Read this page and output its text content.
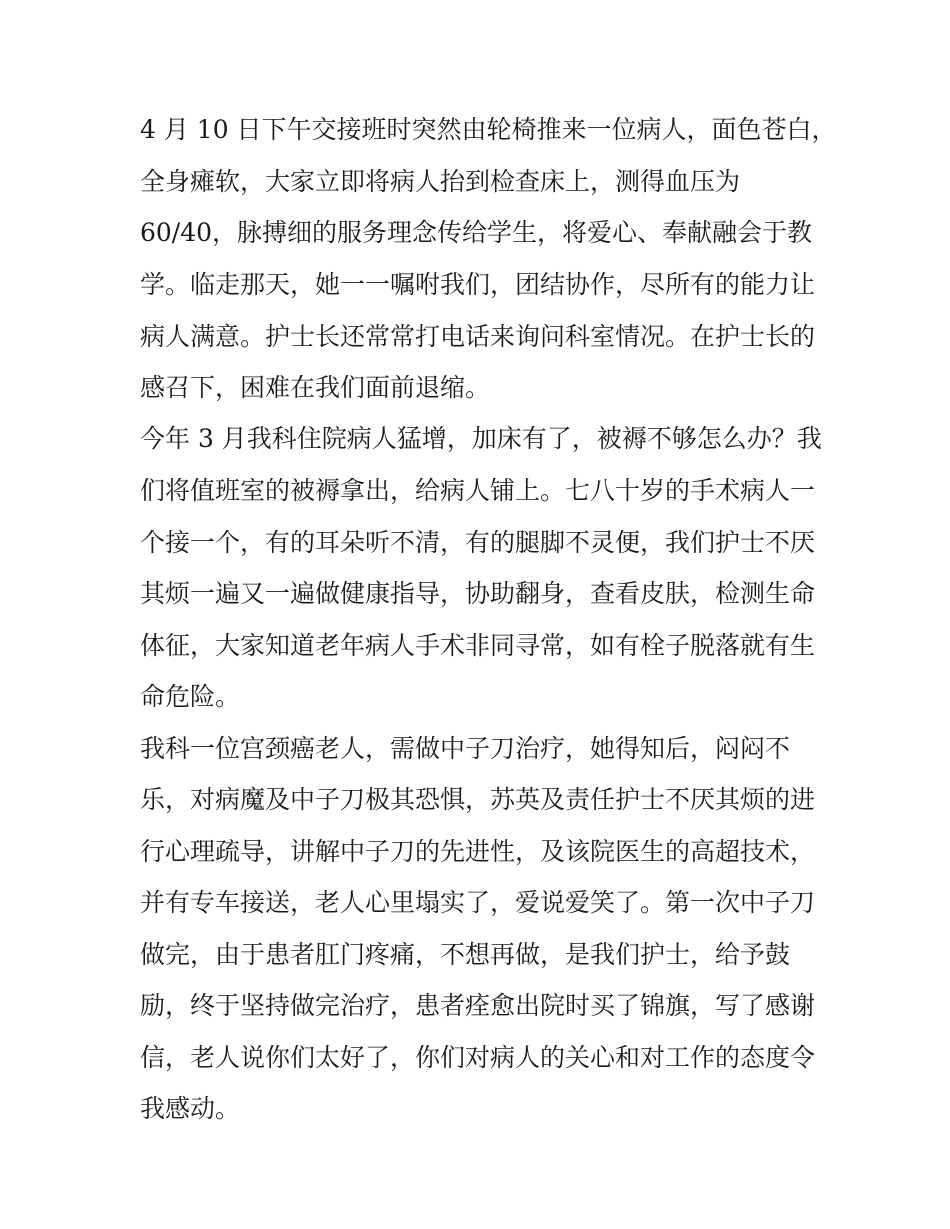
4 月 10 日下午交接班时突然由轮椅推来一位病人，面色苍白，
全身瘫软，大家立即将病人抬到检查床上，测得血压为
60/40，脉搏细的服务理念传给学生，将爱心、奉献融会于教
学。临走那天，她一一嘱咐我们，团结协作，尽所有的能力让
病人满意。护士长还常常打电话来询问科室情况。在护士长的
感召下，困难在我们面前退缩。
今年 3 月我科住院病人猛增，加床有了，被褥不够怎么办？我
们将值班室的被褥拿出，给病人铺上。七八十岁的手术病人一
个接一个，有的耳朵听不清，有的腿脚不灵便，我们护士不厌
其烦一遍又一遍做健康指导，协助翻身，查看皮肤，检测生命
体征，大家知道老年病人手术非同寻常，如有栓子脱落就有生
命危险。
我科一位宫颈癌老人，需做中子刀治疗，她得知后，闷闷不
乐，对病魔及中子刀极其恐惧，苏英及责任护士不厌其烦的进
行心理疏导，讲解中子刀的先进性，及该院医生的高超技术，
并有专车接送，老人心里塌实了，爱说爱笑了。第一次中子刀
做完，由于患者肛门疼痛，不想再做，是我们护士，给予鼓
励，终于坚持做完治疗，患者痊愈出院时买了锦旗，写了感谢
信，老人说你们太好了，你们对病人的关心和对工作的态度令
我感动。
